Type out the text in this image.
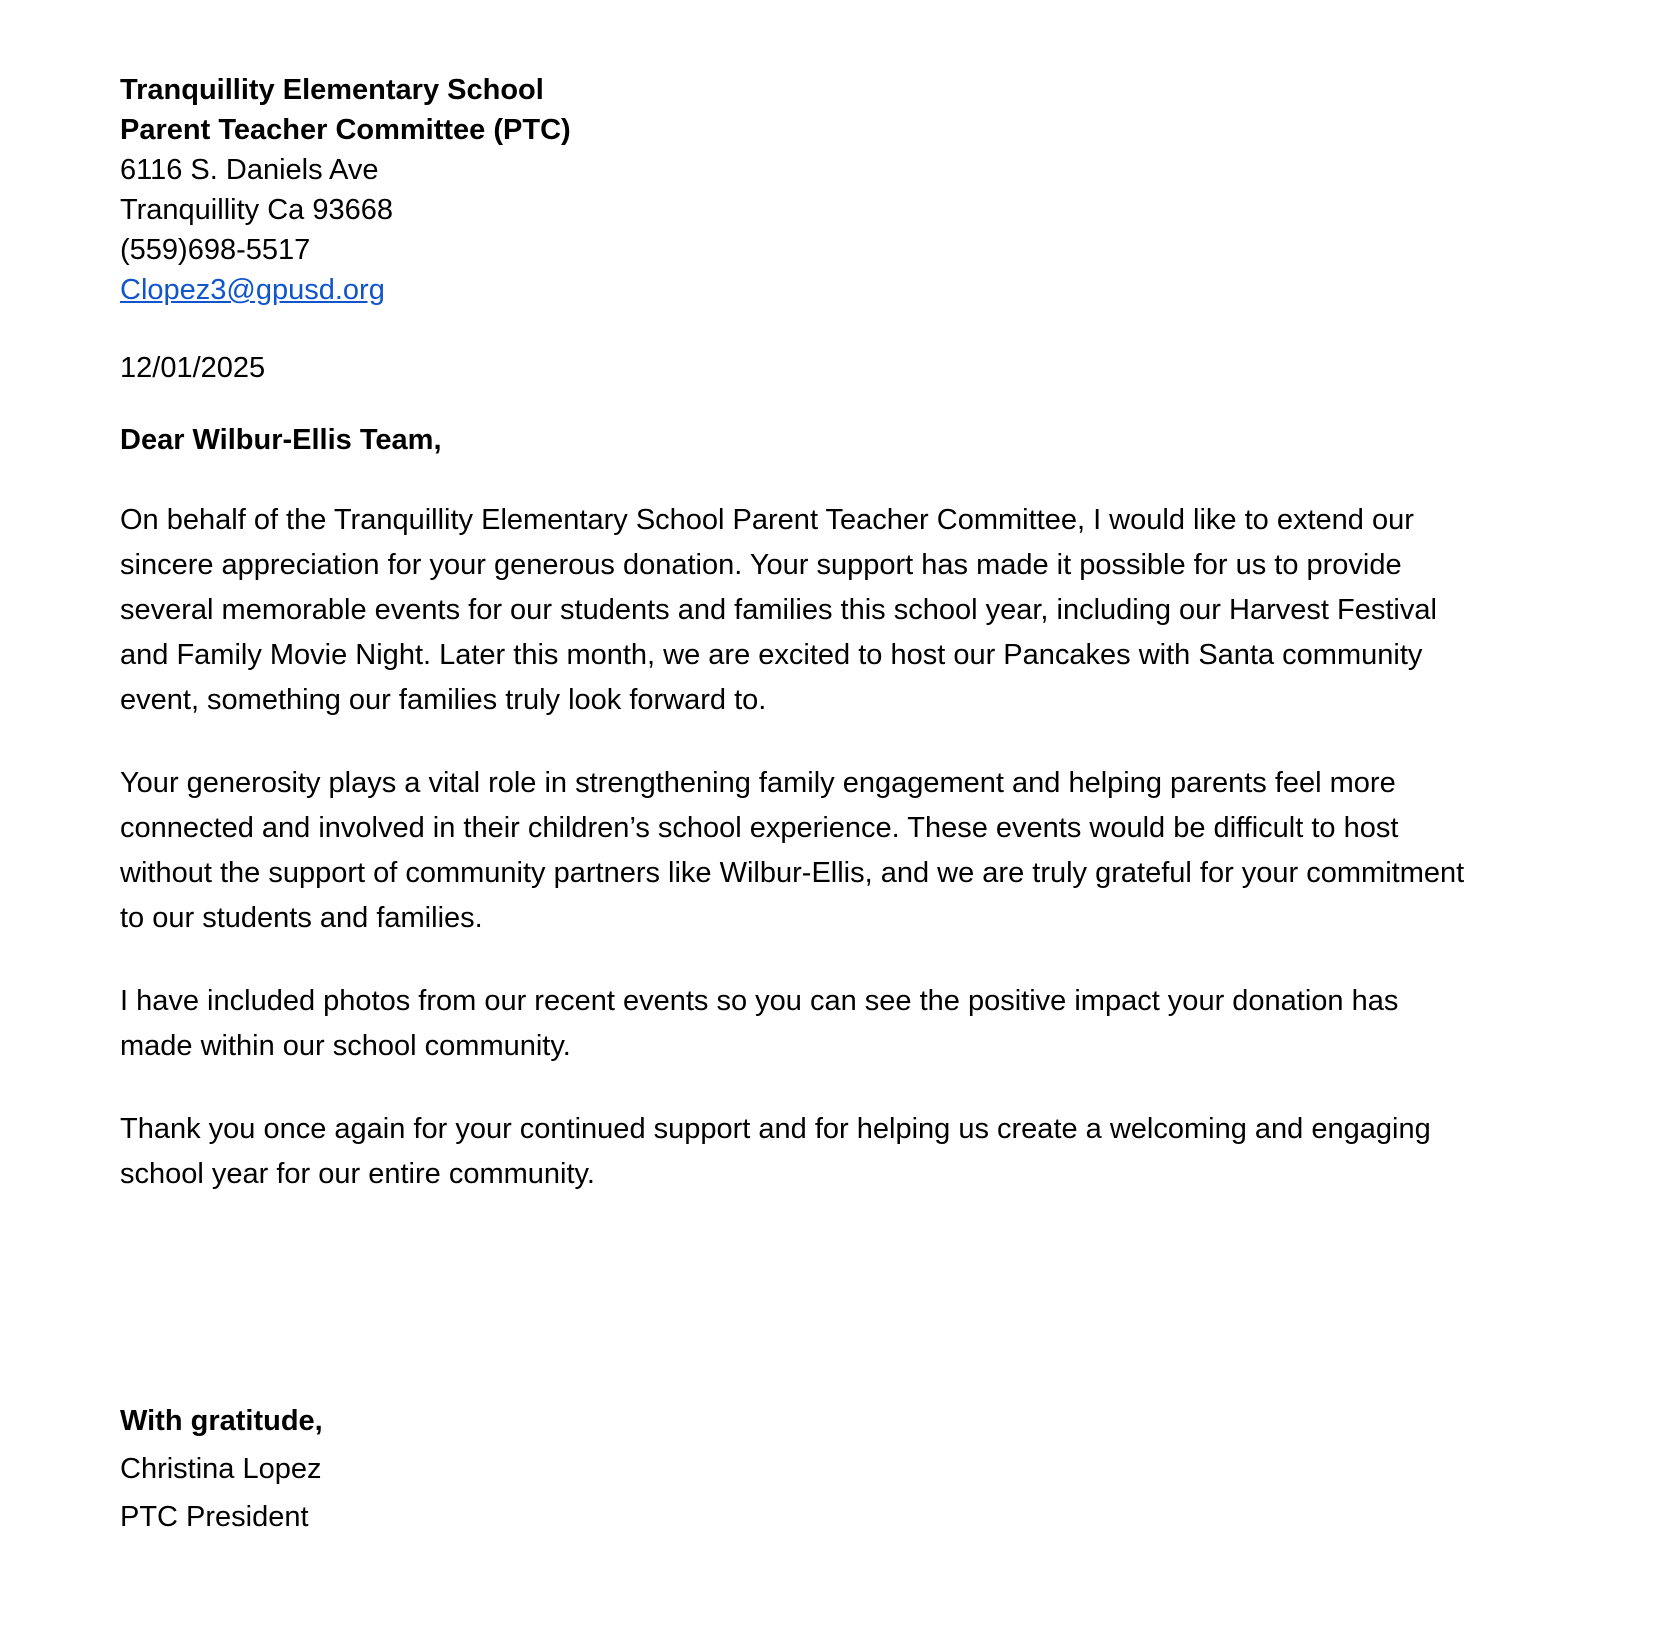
Tranquillity Elementary School
Parent Teacher Committee (PTC)
6116 S. Daniels Ave
Tranquillity Ca 93668
(559)698-5517
Clopez3@gpusd.org
12/01/2025
Dear Wilbur-Ellis Team,

On behalf of the Tranquillity Elementary School Parent Teacher Committee, I would like to extend our sincere appreciation for your generous donation. Your support has made it possible for us to provide several memorable events for our students and families this school year, including our Harvest Festival and Family Movie Night. Later this month, we are excited to host our Pancakes with Santa community event, something our families truly look forward to.

Your generosity plays a vital role in strengthening family engagement and helping parents feel more connected and involved in their children’s school experience. These events would be difficult to host without the support of community partners like Wilbur-Ellis, and we are truly grateful for your commitment to our students and families.

I have included photos from our recent events so you can see the positive impact your donation has made within our school community.

Thank you once again for your continued support and for helping us create a welcoming and engaging school year for our entire community.

With gratitude,
Christina Lopez
PTC President
